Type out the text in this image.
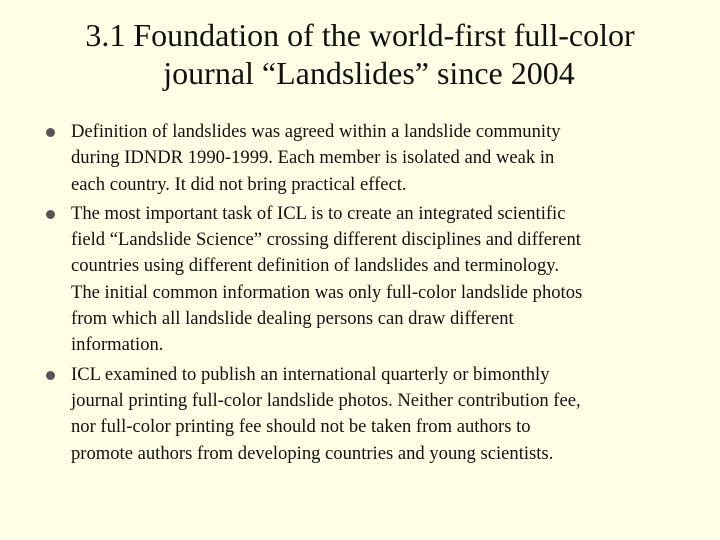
3.1 Foundation of the world-first full-color
journal “Landslides” since 2004
Definition of landslides was agreed within a landslide community
during IDNDR 1990-1999. Each member is isolated and weak in
each country. It did not bring practical effect.
The most important task of ICL is to create an integrated scientific
field “Landslide Science” crossing different disciplines and different
countries using different definition of landslides and terminology.
The initial common information was only full-color landslide photos
from which all landslide dealing persons can draw different
information.
ICL examined to publish an international quarterly or bimonthly
journal printing full-color landslide photos. Neither contribution fee,
nor full-color printing fee should not be taken from authors to
promote authors from developing countries and young scientists.
